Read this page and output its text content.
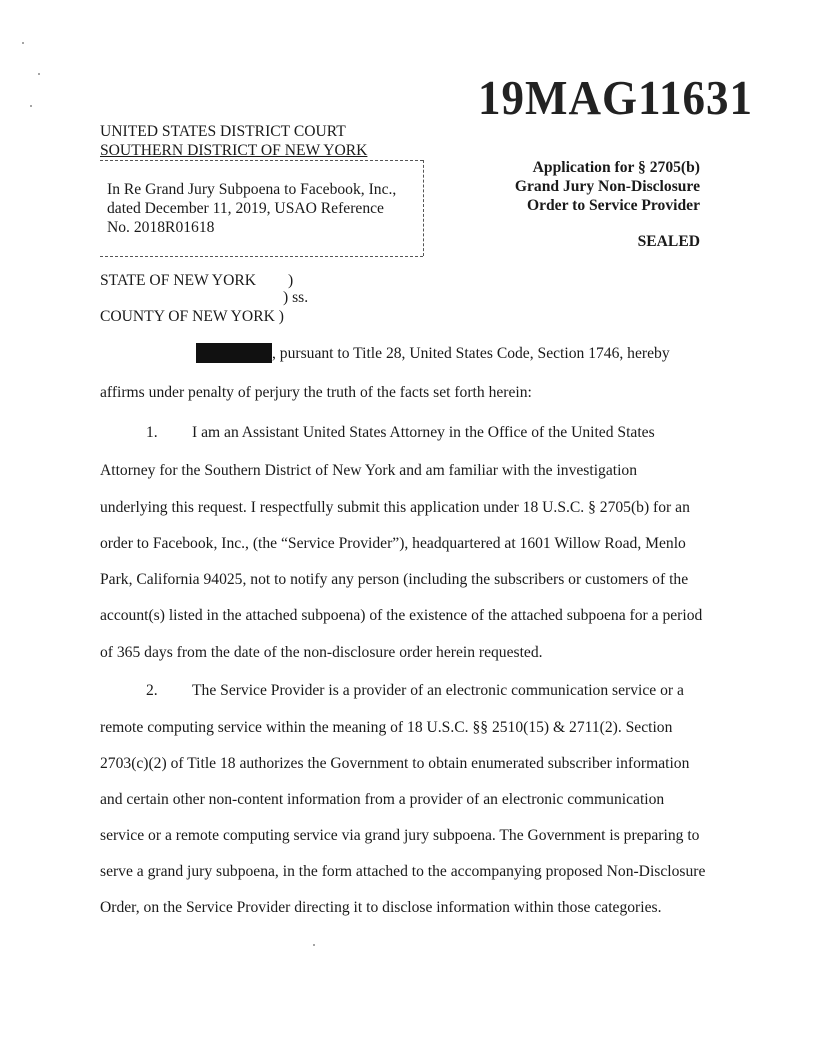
19MAG11631
UNITED STATES DISTRICT COURT
SOUTHERN DISTRICT OF NEW YORK
In Re Grand Jury Subpoena to Facebook, Inc.,
dated December 11, 2019, USAO Reference
No. 2018R01618
Application for § 2705(b)
Grand Jury Non-Disclosure
Order to Service Provider
SEALED
STATE OF NEW YORK )
) ss.
COUNTY OF NEW YORK )
, pursuant to Title 28, United States Code, Section 1746, hereby
affirms under penalty of perjury the truth of the facts set forth herein:
1. I am an Assistant United States Attorney in the Office of the United States
Attorney for the Southern District of New York and am familiar with the investigation
underlying this request. I respectfully submit this application under 18 U.S.C. § 2705(b) for an
order to Facebook, Inc., (the “Service Provider”), headquartered at 1601 Willow Road, Menlo
Park, California 94025, not to notify any person (including the subscribers or customers of the
account(s) listed in the attached subpoena) of the existence of the attached subpoena for a period
of 365 days from the date of the non-disclosure order herein requested.
2. The Service Provider is a provider of an electronic communication service or a
remote computing service within the meaning of 18 U.S.C. §§ 2510(15) & 2711(2). Section
2703(c)(2) of Title 18 authorizes the Government to obtain enumerated subscriber information
and certain other non-content information from a provider of an electronic communication
service or a remote computing service via grand jury subpoena. The Government is preparing to
serve a grand jury subpoena, in the form attached to the accompanying proposed Non-Disclosure
Order, on the Service Provider directing it to disclose information within those categories.
